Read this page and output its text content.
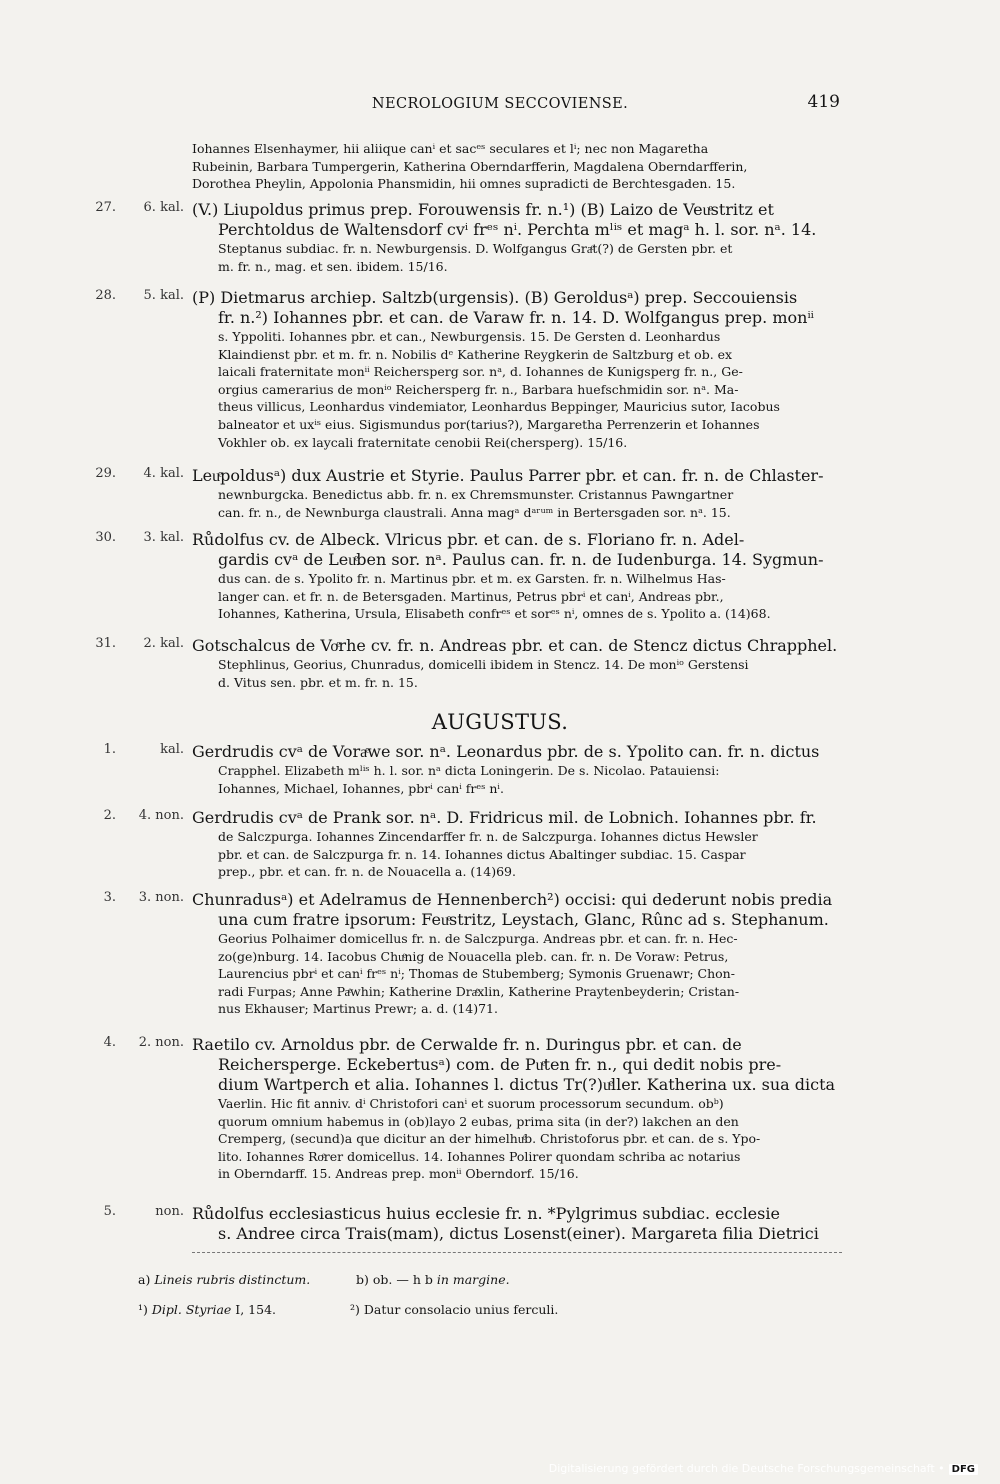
NECROLOGIUM SECCOVIENSE.	419
Iohannes Elsenhaymer, hii aliique canⁱ et sacᵉˢ seculares et lⁱ; nec non Magaretha
Rubeinin, Barbara Tumpergerin, Katherina Oberndarfferin, Magdalena Oberndarfferin,
Dorothea Pheylin, Appolonia Phansmidin, hii omnes supradicti de Berchtesgaden. 15.
27.	6. kal. (V.) Liupoldus primus prep. Forouwensis fr. n.¹) (B) Laizo de Veuͤstritz et
Perchtoldus de Waltensdorf cvⁱ frᵉˢ nⁱ. Perchta mˡⁱˢ et magᵃ h. l. sor. nᵃ. 14.
Steptanus subdiac. fr. n. Newburgensis. D. Wolfgangus Graͤt(?) de Gersten pbr. et
m. fr. n., mag. et sen. ibidem. 15/16.
28.	5. kal. (P) Dietmarus archiep. Saltzb(urgensis). (B) Geroldusᵃ) prep. Seccouiensis
fr. n.²) Iohannes pbr. et can. de Varaw fr. n. 14. D. Wolfgangus prep. monⁱⁱ
s. Yppoliti. Iohannes pbr. et can., Newburgensis. 15. De Gersten d. Leonhardus
Klaindienst pbr. et m. fr. n. Nobilis dᵉ Katherine Reygkerin de Saltzburg et ob. ex
laicali fraternitate monⁱⁱ Reichersperg sor. nᵃ, d. Iohannes de Kunigsperg fr. n., Ge-
orgius camerarius de monⁱᵒ Reichersperg fr. n., Barbara huefschmidin sor. nᵃ. Ma-
theus villicus, Leonhardus vindemiator, Leonhardus Beppinger, Mauricius sutor, Iacobus
balneator et uxⁱˢ eius. Sigismundus por(tarius?), Margaretha Perrenzerin et Iohannes
Vokhler ob. ex laycali fraternitate cenobii Rei(chersperg). 15/16.
29.	4. kal. Leuͤpoldusᵃ) dux Austrie et Styrie. Paulus Parrer pbr. et can. fr. n. de Chlaster-
newnburgcka. Benedictus abb. fr. n. ex Chremsmunster. Cristannus Pawngartner
can. fr. n., de Newnburga claustrali. Anna magᵃ dᵃʳᵘᵐ in Bertersgaden sor. nᵃ. 15.
30.	3. kal. Růdolfus cv. de Albeck. Vlricus pbr. et can. de s. Floriano fr. n. Adel-
gardis cvᵃ de Leuͤben sor. nᵃ. Paulus can. fr. n. de Iudenburga. 14. Sygmun-
dus can. de s. Ypolito fr. n. Martinus pbr. et m. ex Garsten. fr. n. Wilhelmus Has-
langer can. et fr. n. de Betersgaden. Martinus, Petrus pbrⁱ et canⁱ, Andreas pbr.,
Iohannes, Katherina, Ursula, Elisabeth confrᵉˢ et sorᵉˢ nⁱ, omnes de s. Ypolito a. (14)68.
31.	2. kal. Gotschalcus de Voͤrhe cv. fr. n. Andreas pbr. et can. de Stencz dictus Chrapphel.
Stephlinus, Georius, Chunradus, domicelli ibidem in Stencz. 14. De monⁱᵒ Gerstensi
d. Vitus sen. pbr. et m. fr. n. 15.
AUGUSTUS.
1.	kal. Gerdrudis cvᵃ de Voraͤwe sor. nᵃ. Leonardus pbr. de s. Ypolito can. fr. n. dictus
Crapphel. Elizabeth mˡⁱˢ h. l. sor. nᵃ dicta Loningerin. De s. Nicolao. Patauiensi:
Iohannes, Michael, Iohannes, pbrⁱ canⁱ frᵉˢ nⁱ.
2.	4. non. Gerdrudis cvᵃ de Prank sor. nᵃ. D. Fridricus mil. de Lobnich. Iohannes pbr. fr.
de Salczpurga. Iohannes Zincendarffer fr. n. de Salczpurga. Iohannes dictus Hewsler
pbr. et can. de Salczpurga fr. n. 14. Iohannes dictus Abaltinger subdiac. 15. Caspar
prep., pbr. et can. fr. n. de Nouacella a. (14)69.
3.	3. non. Chunradusᵃ) et Adelramus de Hennenberch²) occisi: qui dederunt nobis predia
una cum fratre ipsorum: Feuͤstritz, Leystach, Glanc, Rûnc ad s. Stephanum.
Georius Polhaimer domicellus fr. n. de Salczpurga. Andreas pbr. et can. fr. n. Hec-
zo(ge)nburg. 14. Iacobus Chuͤnig de Nouacella pleb. can. fr. n. De Voraw: Petrus,
Laurencius pbrⁱ et canⁱ frᵉˢ nⁱ; Thomas de Stubemberg; Symonis Gruenawr; Chon-
radi Furpas; Anne Paͤwhin; Katherine Draͤxlin, Katherine Praytenbeyderin; Cristan-
nus Ekhauser; Martinus Prewr; a. d. (14)71.
4.	2. non. Raetilo cv. Arnoldus pbr. de Cerwalde fr. n. Duringus pbr. et can. de
Reichersperge. Eckebertusᵃ) com. de Puͤten fr. n., qui dedit nobis pre-
dium Wartperch et alia. Iohannes l. dictus Tr(?)uͤller. Katherina ux. sua dicta
Vaerlin. Hic fit anniv. dⁱ Christofori canⁱ et suorum processorum secundum. obᵇ)
quorum omnium habemus in (ob)layo 2 eubas, prima sita (in der?) lakchen an den
Cremperg, (secund)a que dicitur an der himelhuͤb. Christoforus pbr. et can. de s. Ypo-
lito. Iohannes Roͤrer domicellus. 14. Iohannes Polirer quondam schriba ac notarius
in Oberndarff. 15. Andreas prep. monⁱⁱ Oberndorf. 15/16.
5.	non. Růdolfus ecclesiasticus huius ecclesie fr. n. *Pylgrimus subdiac. ecclesie
s. Andree circa Trais(mam), dictus Losenst(einer). Margareta filia Dietrici
a) Lineis rubris distinctum.	b) ob. — h b in margine.
¹) Dipl. Styriae I, 154.	²) Datur consolacio unius ferculi.
Digitalisierung gefördert durch die Deutsche Forschungsgemeinschaft • DFG
